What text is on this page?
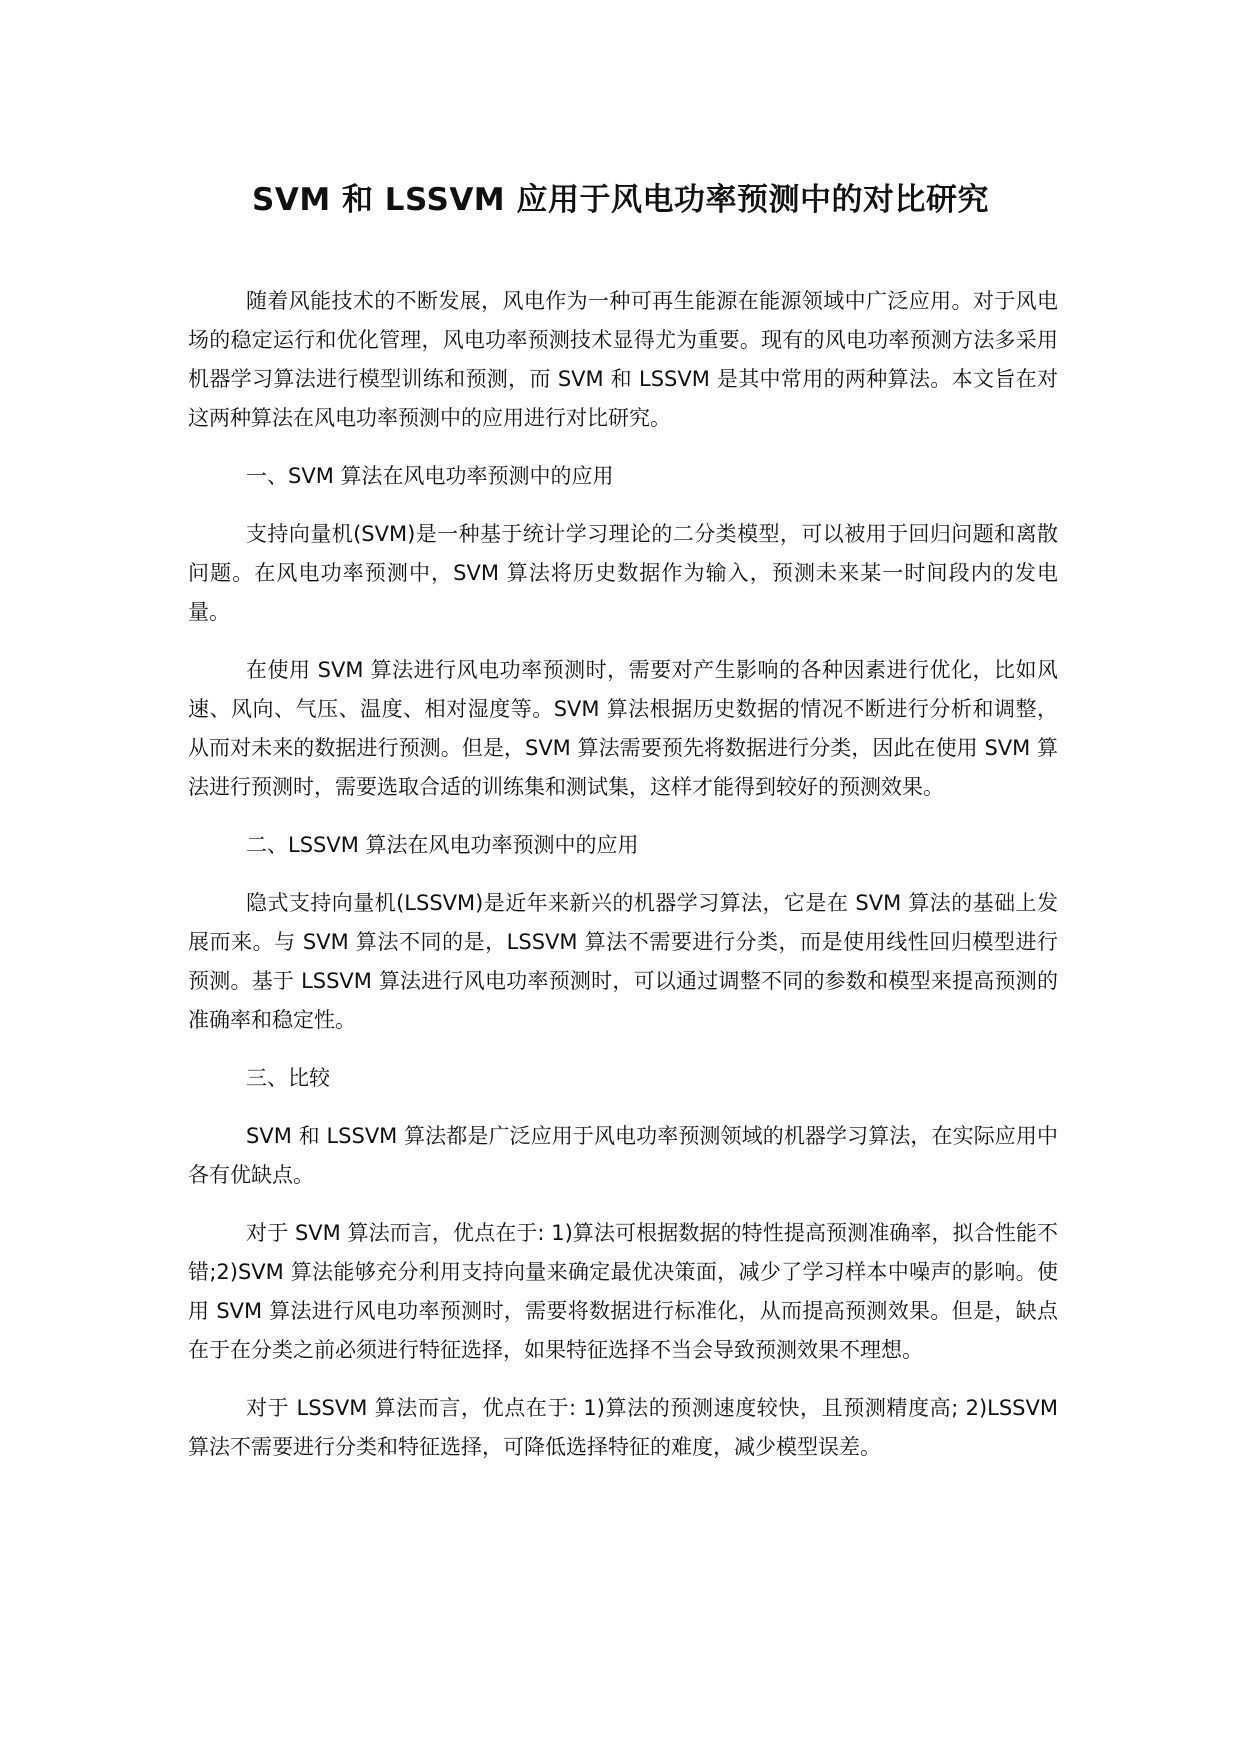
SVM 和 LSSVM 应用于风电功率预测中的对比研究

随着风能技术的不断发展，风电作为一种可再生能源在能源领域中广泛应用。对于风电场的稳定运行和优化管理，风电功率预测技术显得尤为重要。现有的风电功率预测方法多采用机器学习算法进行模型训练和预测，而 SVM 和 LSSVM 是其中常用的两种算法。本文旨在对这两种算法在风电功率预测中的应用进行对比研究。

一、SVM 算法在风电功率预测中的应用

支持向量机(SVM)是一种基于统计学习理论的二分类模型，可以被用于回归问题和离散问题。在风电功率预测中，SVM 算法将历史数据作为输入，预测未来某一时间段内的发电量。

在使用 SVM 算法进行风电功率预测时，需要对产生影响的各种因素进行优化，比如风速、风向、气压、温度、相对湿度等。SVM 算法根据历史数据的情况不断进行分析和调整，从而对未来的数据进行预测。但是，SVM 算法需要预先将数据进行分类，因此在使用 SVM 算法进行预测时，需要选取合适的训练集和测试集，这样才能得到较好的预测效果。

二、LSSVM 算法在风电功率预测中的应用

隐式支持向量机(LSSVM)是近年来新兴的机器学习算法，它是在 SVM 算法的基础上发展而来。与 SVM 算法不同的是，LSSVM 算法不需要进行分类，而是使用线性回归模型进行预测。基于 LSSVM 算法进行风电功率预测时，可以通过调整不同的参数和模型来提高预测的准确率和稳定性。

三、比较

SVM 和 LSSVM 算法都是广泛应用于风电功率预测领域的机器学习算法，在实际应用中各有优缺点。

对于 SVM 算法而言，优点在于: 1)算法可根据数据的特性提高预测准确率，拟合性能不错;2)SVM 算法能够充分利用支持向量来确定最优决策面，减少了学习样本中噪声的影响。使用 SVM 算法进行风电功率预测时，需要将数据进行标准化，从而提高预测效果。但是，缺点在于在分类之前必须进行特征选择，如果特征选择不当会导致预测效果不理想。

对于 LSSVM 算法而言，优点在于: 1)算法的预测速度较快，且预测精度高; 2)LSSVM 算法不需要进行分类和特征选择，可降低选择特征的难度，减少模型误差。
